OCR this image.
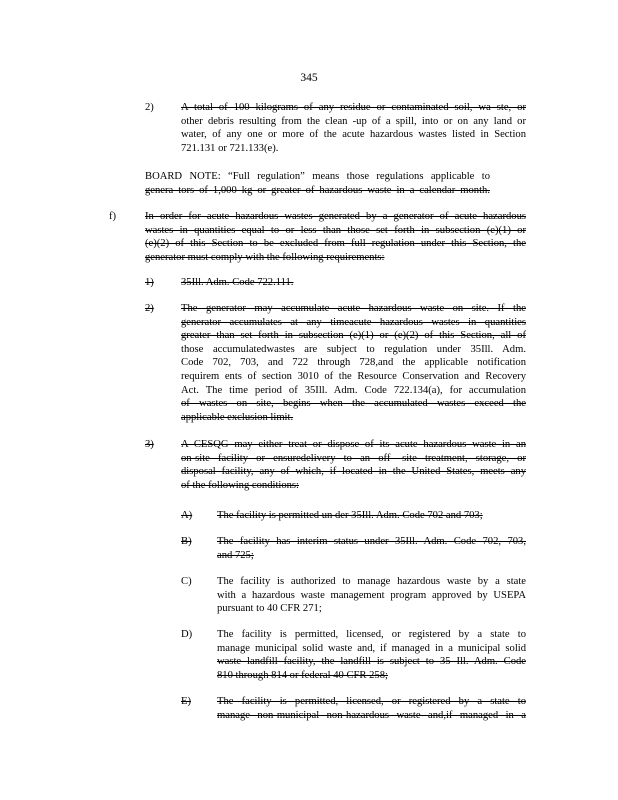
345
2)	A total of 100 kilograms of any residue or contaminated soil, wa ste, or
other debris resulting from the clean -up of a spill, into or on any land or
water, of any one or more of the acute hazardous wastes listed in Section
721.131 or 721.133(e).
BOARD NOTE: “Full regulation” means those regulations applicable to
genera tors of 1,000 kg or greater of hazardous waste in a calendar month.
f)	In order for acute hazardous wastes generated by a generator of acute hazardous
wastes in quantities equal to or less than those set forth in subsection (e)(1) or
(e)(2) of this Section to be excluded from full regulation under this Section, the
generator must comply with the following requirements:
1)	35Ill. Adm. Code 722.111.
2)	The generator may accumulate acute hazardous waste on site. If the
generator accumulates at any timeacute hazardous wastes in quantities
greater than set forth in subsection (e)(1) or (e)(2) of this Section, all of
those accumulatedwastes are subject to regulation under 35Ill. Adm.
Code 702, 703, and 722 through 728,and the applicable notification
requirem ents of section 3010 of the Resource Conservation and Recovery
Act. The time period of 35Ill. Adm. Code 722.134(a), for accumulation
of wastes on site, begins when the accumulated wastes exceed the
applicable exclusion limit.
3)	A CESQG may either treat or dispose of its acute hazardous waste in an
on-site facility or ensuredelivery to an off -site treatment, storage, or
disposal facility, any of which, if located in the United States, meets any
of the following conditions:
A) The facility is permitted un der 35Ill. Adm. Code 702 and 703;
B) The facility has interim status under 35Ill. Adm. Code 702, 703,
and 725;
C) The facility is authorized to manage hazardous waste by a state
with a hazardous waste management program approved by USEPA
pursuant to 40 CFR 271;
D) The facility is permitted, licensed, or registered by a state to
manage municipal solid waste and, if managed in a municipal solid
waste landfill facility, the landfill is subject to 35 Ill. Adm. Code
810 through 814 or federal 40 CFR 258;
E) The facility is permitted, licensed, or registered by a state to
manage non-municipal non-hazardous waste and,if managed in a
